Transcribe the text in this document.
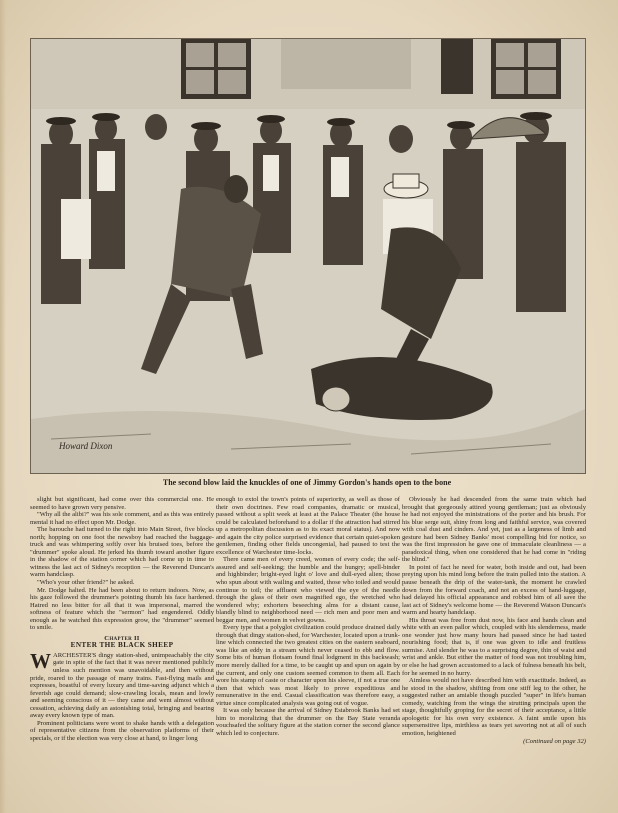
Howard Dixon
The second blow laid the knuckles of one of Jimmy Gordon's hands open to the bone

slight but significant, had come over this commercial one. He seemed to have grown very pensive.

"Why all the alibi?" was his sole comment, and as this was entirely mental it had no effect upon Mr. Dodge.

The barouche had turned to the right into Main Street, five blocks north; hopping on one foot the newsboy had reached the baggage-truck and was whimpering softly over his bruised toes, before the "drummer" spoke aloud. He jerked his thumb toward another figure in the shadow of the station corner which had come up in time to witness the last act of Sidney's reception — the Reverend Duncan's warm handclasp.

"Who's your other friend?" he asked.

Mr. Dodge halted. He had been about to return indoors. Now, as his gaze followed the drummer's pointing thumb his face hardened. Hatred no less bitter for all that it was impersonal, marred the softness of feature which the "sermon" had engendered. Oddly enough as he watched this expression grow, the "drummer" seemed to smile.

Chapter II
ENTER THE BLACK SHEEP

WARCHESTER'S dingy station-shed, unimpeachably the city gate in spite of the fact that it was never mentioned publicly unless such mention was unavoidable, and then without pride, roared to the passage of many trains. Fast-flying mails and expresses, boastful of every luxury and time-saving adjunct which a feverish age could demand; slow-crawling locals, mean and lowly and seeming conscious of it — they came and went almost without cessation, achieving daily an astonishing total, bringing and bearing away every known type of man.

Prominent politicians were wont to shake hands with a delegation of representative citizens from the observation platforms of their specials, or if the election was very close at hand, to linger long

enough to extol the town's points of superiority, as well as those of their own doctrines. Few road companies, dramatic or musical, passed without a split week at least at the Palace Theater (the house could be calculated beforehand to a dollar if the attraction had stirred up a metropolitan discussion as to its exact moral status). And now and again the city police surprised evidence that certain quiet-spoken gentlemen, finding other fields uncongenial, had paused to test the excellence of Warchester time-locks.

There came men of every creed, women of every code; the self-assured and self-seeking; the humble and the hungry; spell-binder and highbinder; bright-eyed light o' love and dull-eyed alien; those who spun about with wailing and waited, those who toiled and would continue to toil; the affluent who viewed the eye of the needle through the glass of their own magnified ego, the wretched who wondered why; exhorters beseeching alms for a distant cause, blandly blind to neighborhood need — rich men and poor men and beggar men, and women in velvet gowns.

Every type that a polyglot civilization could produce drained daily through that dingy station-shed, for Warchester, located upon a trunk-line which connected the two greatest cities on the eastern seaboard, was like an eddy in a stream which never ceased to ebb and flow. Some bits of human flotsam found final lodgment in this backwash; more merely dallied for a time, to be caught up and spun on again by the current, and only one custom seemed common to them all. Each wore his stamp of caste or character upon his sleeve, if not a true one then that which was most likely to prove expeditious and remunerative in the end. Casual classification was therefore easy, a virtue since complicated analysis was going out of vogue.

It was only because the arrival of Sidney Estabrook Banks had set him to moralizing that the drummer on the Bay State veranda vouchsafed the solitary figure at the station corner the second glance which led to conjecture.

Obviously he had descended from the same train which had brought that gorgeously attired young gentleman; just as obviously he had not enjoyed the ministrations of the porter and his brush. For his blue serge suit, shiny from long and faithful service, was covered with coal dust and cinders. And yet, just as a largeness of limb and gesture had been Sidney Banks' most compelling bid for notice, so was the first impression he gave one of immaculate cleanliness — a paradoxical thing, when one considered that he had come in "riding the blind."

In point of fact he need for water, both inside and out, had been preying upon his mind long before the train pulled into the station. A pause beneath the drip of the water-tank, the moment he crawled down from the forward coach, and not an excess of hand-luggage, had delayed his official appearance and robbed him of all save the last act of Sidney's welcome home — the Reverend Watson Duncan's warm and hearty handclasp.

His throat was free from dust now, his face and hands clean and white with an even pallor which, coupled with his slenderness, made one wonder just how many hours had passed since he had tasted nourishing food; that is, if one was given to idle and fruitless surmise. And slender he was to a surprising degree, thin of waist and wrist and ankle. But either the matter of food was not troubling him, or else he had grown accustomed to a lack of fulness beneath his belt, for he seemed in no hurry.

Aimless would not have described him with exactitude. Indeed, as he stood in the shadow, shifting from one stiff leg to the other, he suggested rather an amiable though puzzled "super" in life's human comedy, watching from the wings the strutting principals upon the stage, thoughtfully groping for the secret of their acceptance, a little apologetic for his own very existence. A faint smile upon his supersensitive lips, mirthless as tears yet savoring not at all of such emotion, heightened

(Continued on page 32)
